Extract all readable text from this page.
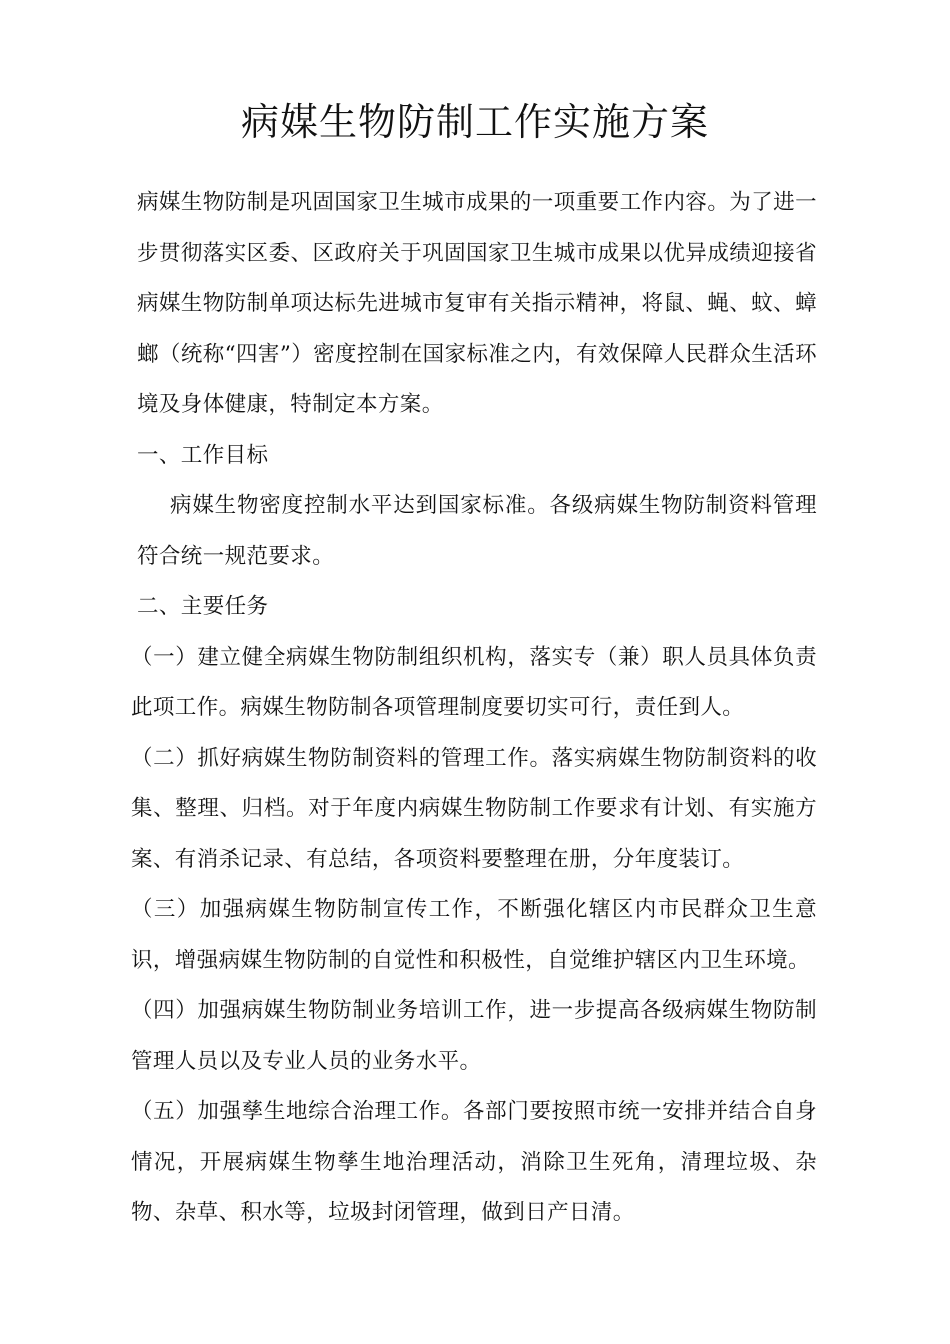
病媒生物防制工作实施方案

病媒生物防制是巩固国家卫生城市成果的一项重要工作内容。为了进一步贯彻落实区委、区政府关于巩固国家卫生城市成果以优异成绩迎接省病媒生物防制单项达标先进城市复审有关指示精神，将鼠、蝇、蚊、蟑螂（统称“四害”）密度控制在国家标准之内，有效保障人民群众生活环境及身体健康，特制定本方案。

一、工作目标

病媒生物密度控制水平达到国家标准。各级病媒生物防制资料管理符合统一规范要求。

二、主要任务

（一）建立健全病媒生物防制组织机构，落实专（兼）职人员具体负责此项工作。病媒生物防制各项管理制度要切实可行，责任到人。

（二）抓好病媒生物防制资料的管理工作。落实病媒生物防制资料的收集、整理、归档。对于年度内病媒生物防制工作要求有计划、有实施方案、有消杀记录、有总结，各项资料要整理在册，分年度装订。

（三）加强病媒生物防制宣传工作，不断强化辖区内市民群众卫生意识，增强病媒生物防制的自觉性和积极性，自觉维护辖区内卫生环境。

（四）加强病媒生物防制业务培训工作，进一步提高各级病媒生物防制管理人员以及专业人员的业务水平。

（五）加强孳生地综合治理工作。各部门要按照市统一安排并结合自身情况，开展病媒生物孳生地治理活动，消除卫生死角，清理垃圾、杂物、杂草、积水等，垃圾封闭管理，做到日产日清。
